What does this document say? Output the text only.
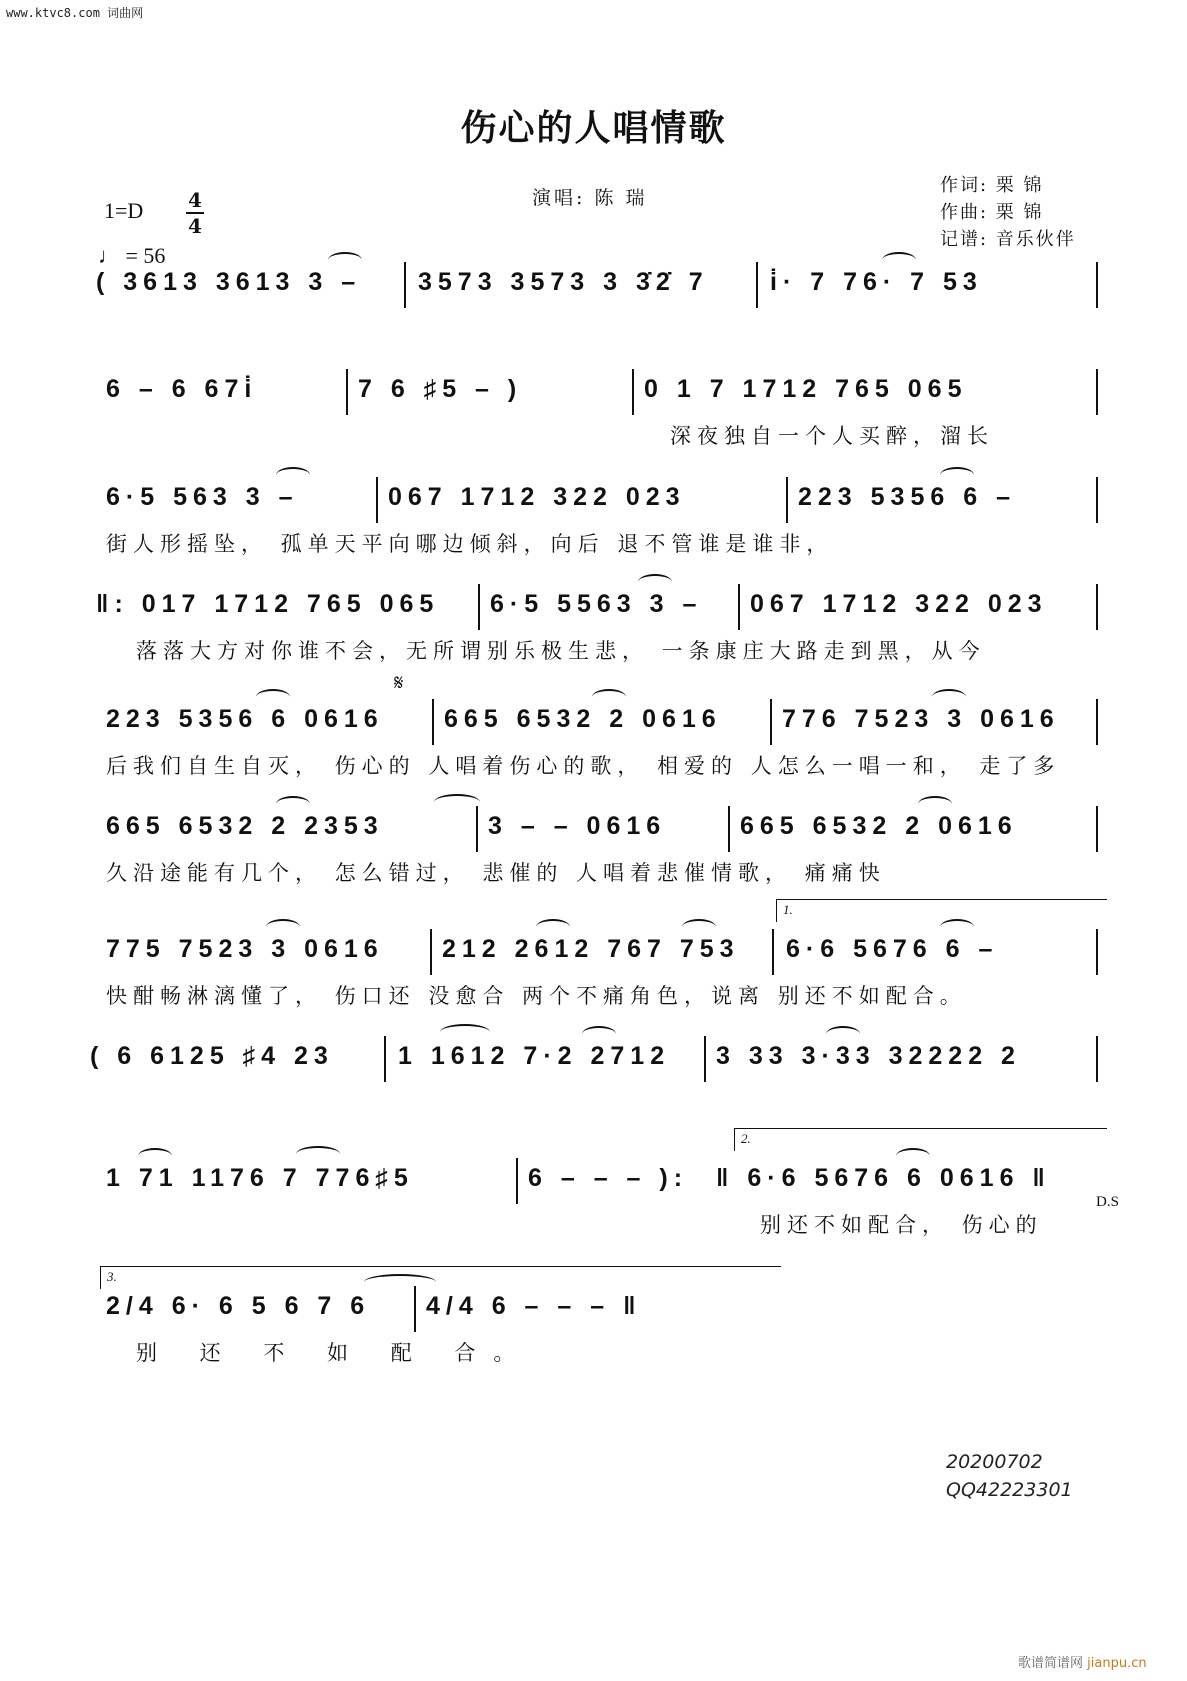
www.ktvc8.com 词曲网
伤心的人唱情歌
演唱: 陈 瑞
作词: 栗 锦
作曲: 栗 锦
记谱: 音乐伙伴
1=D 4
4
♩ = 56
( 3613 3613 3 – 3573 3573 3 3̇2̇ 7 i̇· 7 76· 7 53
6 – 6 67i̇	7 6 ♯5 – )	0 1 7 1712 765 065
深夜独自一个人买醉，溜长
6·5 563 3 –	067 1712 322 023	223 5356 6 –
街人形摇坠， 孤单天平向哪边倾斜，向后 退不管谁是谁非，
‖: 017 1712 765 065 6·5 5563 3 – 067 1712 322 023
落落大方对你谁不会，无所谓别乐极生悲， 一条康庄大路走到黑，从今
223 5356 6 0616
𝄋
665 6532 2 0616 776 7523 3 0616
后我们自生自灭， 伤心的 人唱着伤心的歌， 相爱的 人怎么一唱一和， 走了多
665 6532 2 2353	3 – – 0616	665 6532 2 0616
久沿途能有几个， 怎么错过， 悲催的 人唱着悲催情歌， 痛痛快
775 7523 3 0616 212 2612 767 753
1.
6·6 5676 6 –
快酣畅淋漓懂了， 伤口还 没愈合 两个不痛角色，说离 别还不如配合。
( 6 6125 ♯4 23	1 1612 7·2 2712 3 33 3·33 32222 2
1 71 1176 7 776♯5	6 – – – ):
2.
‖ 6·6 5676 6 0616 ‖
D.S
别还不如配合， 伤心的
3.
2/4 6· 6 5 6 7 6 4/4 6 – – – ‖
别 还 不 如 配 合。
20200702
QQ42223301
歌谱简谱网 jianpu.cn
